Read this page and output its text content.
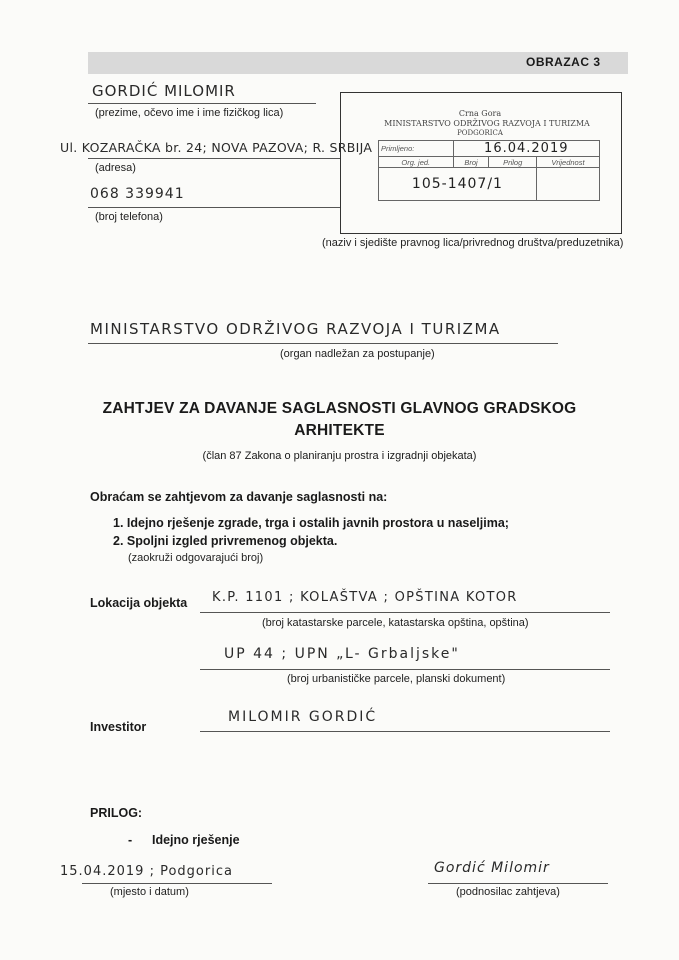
OBRAZAC 3
GORDIĆ MILOMIR
(prezime, očevo ime i ime fizičkog lica)
Ul. KOZARAČKA br. 24; NOVA PAZOVA; R. SRBIJA
(adresa)
068 339941
(broj telefona)
Crna Gora
MINISTARSTVO ODRŽIVOG RAZVOJA I TURIZMA
PODGORICA
Primljeno:	16.04.2019		
Org. jed.	Broj	Prilog	Vrijednost
105-1407/1			
(naziv i sjedište pravnog lica/privrednog društva/preduzetnika)
MINISTARSTVO ODRŽIVOG RAZVOJA I TURIZMA
(organ nadležan za postupanje)
ZAHTJEV ZA DAVANJE SAGLASNOSTI GLAVNOG GRADSKOG
ARHITEKTE
(član 87 Zakona o planiranju prostra i izgradnji objekata)
Obraćam se zahtjevom za davanje saglasnosti na:
1. Idejno rješenje zgrade, trga i ostalih javnih prostora u naseljima;
2. Spoljni izgled privremenog objekta.
(zaokruži odgovarajući broj)
Lokacija objekta K.P. 1101 ; KOLAŠTVA ; OPŠTINA KOTOR
(broj katastarske parcele, katastarska opština, opština)
UP 44 ; UPN „L- Grbaljske"
(broj urbanističke parcele, planski dokument)
Investitor
MILOMIR GORDIĆ
PRILOG:
- Idejno rješenje
15.04.2019 ; Podgorica
(mjesto i datum)
Gordić Milomir
(podnosilac zahtjeva)
